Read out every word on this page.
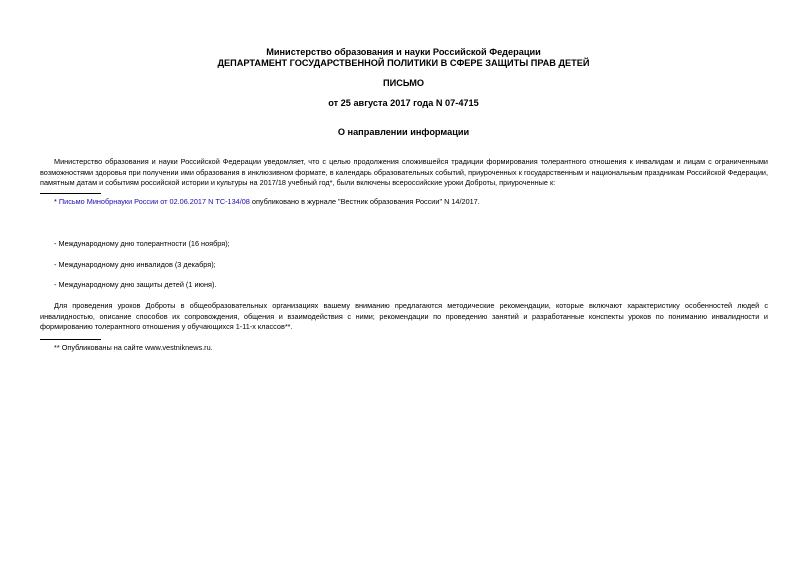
Министерство образования и науки Российской Федерации
ДЕПАРТАМЕНТ ГОСУДАРСТВЕННОЙ ПОЛИТИКИ В СФЕРЕ ЗАЩИТЫ ПРАВ ДЕТЕЙ
ПИСЬМО
от 25 августа 2017 года N 07-4715
О направлении информации
Министерство образования и науки Российской Федерации уведомляет, что с целью продолжения сложившейся традиции формирования толерантного отношения к инвалидам и лицам с ограниченными возможностями здоровья при получении ими образования в инклюзивном формате, в календарь образовательных событий, приуроченных к государственным и национальным праздникам Российской Федерации, памятным датам и событиям российской истории и культуры на 2017/18 учебный год*, были включены всероссийские уроки Доброты, приуроченные к:
* Письмо Минобрнауки России от 02.06.2017 N ТС-134/08 опубликовано в журнале "Вестник образования России" N 14/2017.
- Международному дню толерантности (16 ноября);
- Международному дню инвалидов (3 декабря);
- Международному дню защиты детей (1 июня).
Для проведения уроков Доброты в общеобразовательных организациях вашему вниманию предлагаются методические рекомендации, которые включают характеристику особенностей людей с инвалидностью, описание способов их сопровождения, общения и взаимодействия с ними; рекомендации по проведению занятий и разработанные конспекты уроков по пониманию инвалидности и формированию толерантного отношения у обучающихся 1-11-х классов**.
** Опубликованы на сайте www.vestniknews.ru.
